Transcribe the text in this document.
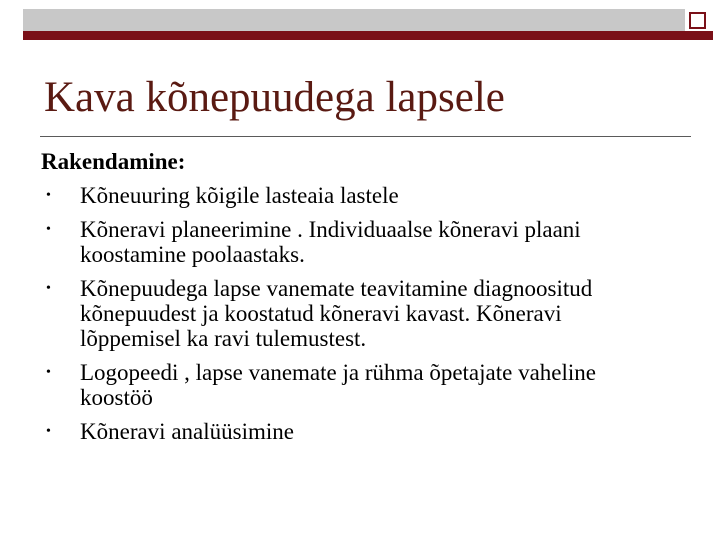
Kava kõnepuudega lapsele
Rakendamine:
• Kõneuuring kõigile lasteaia lastele
• Kõneravi planeerimine . Individuaalse kõneravi plaani koostamine poolaastaks.
• Kõnepuudega lapse vanemate teavitamine diagnoositud kõnepuudest ja koostatud kõneravi kavast. Kõneravi lõppemisel ka ravi tulemustest.
• Logopeedi , lapse vanemate ja rühma õpetajate vaheline koostöö
• Kõneravi analüüsimine
